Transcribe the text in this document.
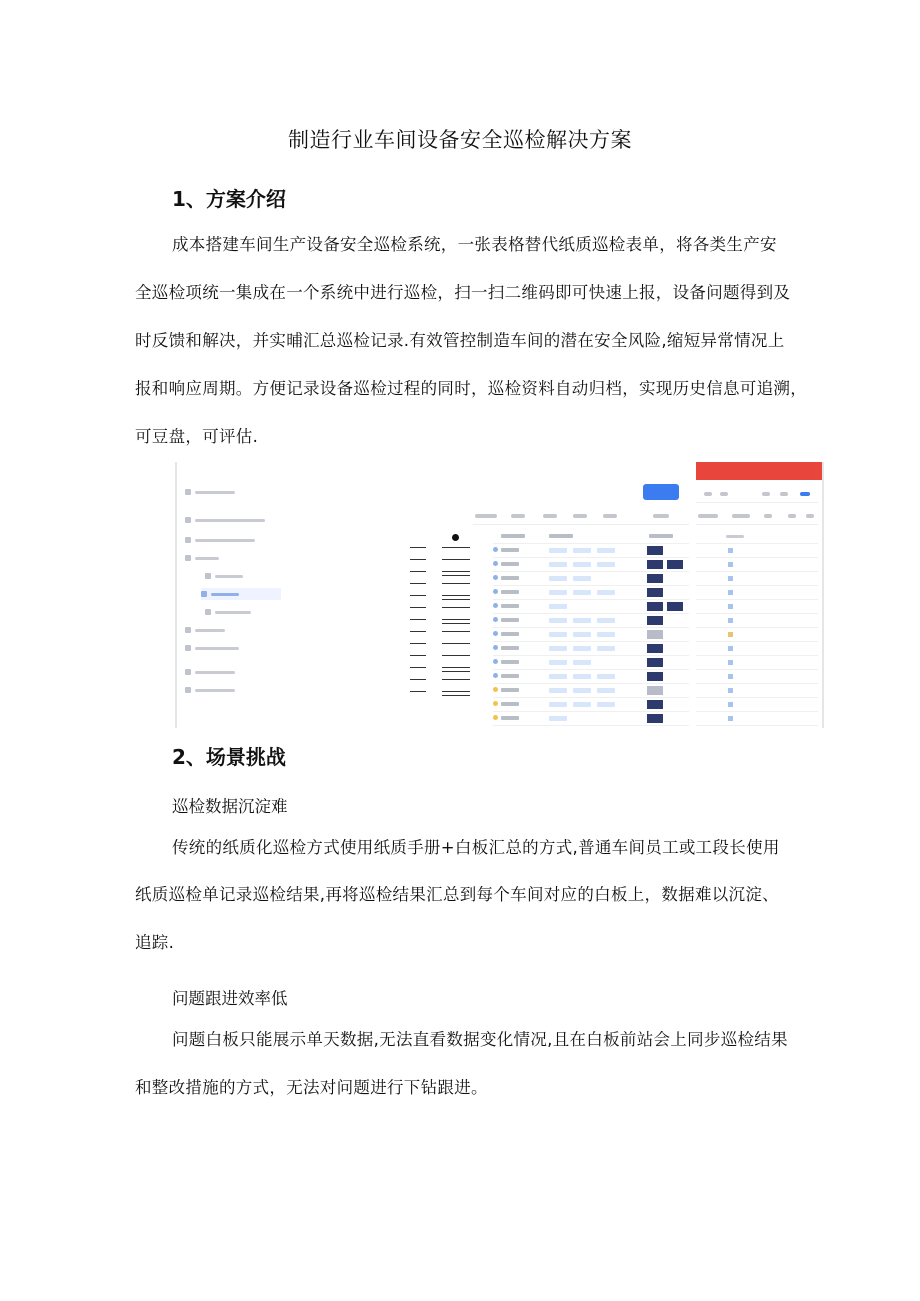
制造行业车间设备安全巡检解决方案
1、方案介绍
成本搭建车间生产设备安全巡检系统，一张表格替代纸质巡检表单，将各类生产安
全巡检项统一集成在一个系统中进行巡检，扫一扫二维码即可快速上报，设备问题得到及
时反馈和解决，并实晡汇总巡检记录.有效管控制造车间的潜在安全风险,缩短异常情况上
报和响应周期。方便记录设备巡检过程的同时，巡检资料自动归档，实现历史信息可追溯，
可豆盘，可评估.
2、场景挑战
巡检数据沉淀难
传统的纸质化巡检方式使用纸质手册+白板汇总的方式,普通车间员工或工段长使用
纸质巡检单记录巡检结果,再将巡检结果汇总到每个车间对应的白板上，数据难以沉淀、
追踪.
问题跟进效率低
问题白板只能展示单天数据,无法直看数据变化情况,且在白板前站会上同步巡检结果
和整改措施的方式，无法对问题进行下钻跟进。
